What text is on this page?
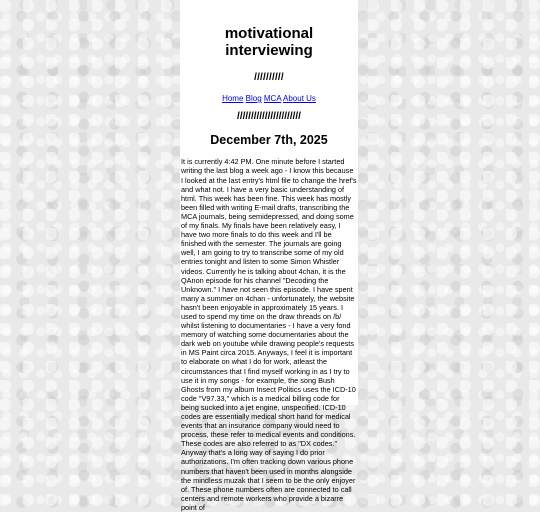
motivational
interviewing
//////////
Home Blog MCA About Us
///////////////////////
December 7th, 2025

It is currently 4:42 PM. One minute before I started writing the last blog a week ago - I know this because I looked at the last entry's html file to change the href's and what not. I have a very basic understanding of html. This week has been fine. This week has mostly been filled with writing E-mail drafts, transcribing the MCA journals, being semidepressed, and doing some of my finals. My finals have been relatively easy, I have two more finals to do this week and I'll be finished with the semester. The journals are going well, I am going to try to transcribe some of my old entries tonight and listen to some Simon Whistler videos. Currently he is talking about 4chan, it is the QAnon episode for his channel "Decoding the Unknown." I have not seen this episode. I have spent many a summer on 4chan - unfortunately, the website hasn't been enjoyable in approximately 15 years. I used to spend my time on the draw threads on /b/ whilst listening to documentaries - I have a very fond memory of watching some documentaries about the dark web on youtube while drawing people's requests in MS Paint circa 2015. Anyways, I feel it is important to elaborate on what I do for work, atleast the circumstances that I find myself working in as I try to use it in my songs - for example, the song Bush Ghosts from my album Insect Politics uses the ICD-10 code "V97.33," which is a medical billing code for being sucked into a jet engine, unspecified. ICD-10 codes are essentially medical short hand for medical events that an insurance company would need to process, these refer to medical events and conditions. These codes are also referred to as "DX codes." Anyway that's a long way of saying I do prior authorizations. I'm often tracking down various phone numbers that haven't been used in months alongside the mindless muzak that I seem to be the only enjoyer of. These phone numbers often are connected to call centers and remote workers who provide a bizarre point of
